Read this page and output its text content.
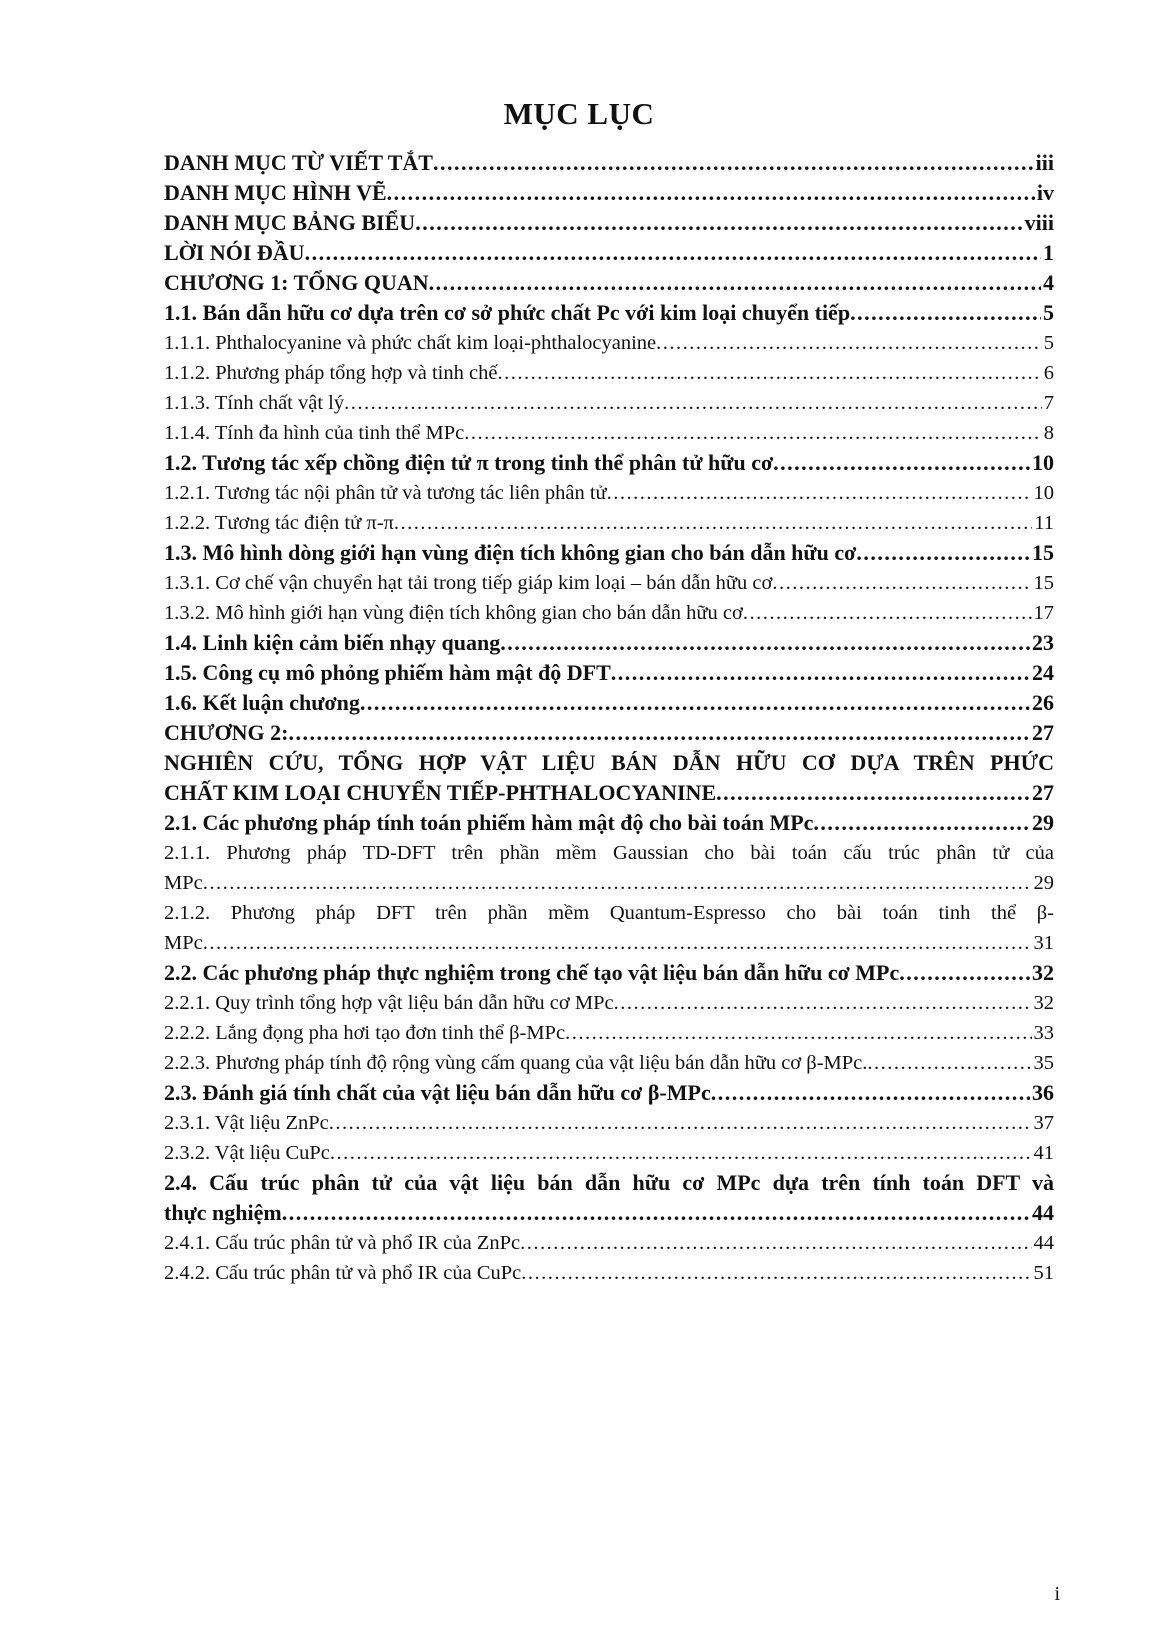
MỤC LỤC
DANH MỤC TỪ VIẾT TẮT .....	iii
DANH MỤC HÌNH VẼ .....	iv
DANH MỤC BẢNG BIỂU .....	viii
LỜI NÓI ĐẦU .....	1
CHƯƠNG 1: TỔNG QUAN .....	4
1.1. Bán dẫn hữu cơ dựa trên cơ sở phức chất Pc với kim loại chuyển tiếp .....	5
1.1.1. Phthalocyanine và phức chất kim loại-phthalocyanine .....	5
1.1.2. Phương pháp tổng hợp và tinh chế .....	6
1.1.3. Tính chất vật lý .....	7
1.1.4. Tính đa hình của tinh thể MPc .....	8
1.2. Tương tác xếp chồng điện tử π trong tinh thể phân tử hữu cơ .....	10
1.2.1. Tương tác nội phân tử và tương tác liên phân tử .....	10
1.2.2. Tương tác điện tử π-π .....	11
1.3. Mô hình dòng giới hạn vùng điện tích không gian cho bán dẫn hữu cơ .....	15
1.3.1. Cơ chế vận chuyển hạt tải trong tiếp giáp kim loại – bán dẫn hữu cơ .....	15
1.3.2. Mô hình giới hạn vùng điện tích không gian cho bán dẫn hữu cơ .....	17
1.4. Linh kiện cảm biến nhạy quang .....	23
1.5. Công cụ mô phỏng phiếm hàm mật độ DFT .....	24
1.6. Kết luận chương .....	26
CHƯƠNG 2: .....	27
NGHIÊN CỨU, TỔNG HỢP VẬT LIỆU BÁN DẪN HỮU CƠ DỰA TRÊN PHỨC
CHẤT KIM LOẠI CHUYỂN TIẾP-PHTHALOCYANINE .....	27
2.1. Các phương pháp tính toán phiếm hàm mật độ cho bài toán MPc .....	29
2.1.1. Phương pháp TD-DFT trên phần mềm Gaussian cho bài toán cấu trúc phân tử của
MPc .....	29
2.1.2. Phương pháp DFT trên phần mềm Quantum-Espresso cho bài toán tinh thể β-
MPc .....	31
2.2. Các phương pháp thực nghiệm trong chế tạo vật liệu bán dẫn hữu cơ MPc .....	32
2.2.1. Quy trình tổng hợp vật liệu bán dẫn hữu cơ MPc .....	32
2.2.2. Lắng đọng pha hơi tạo đơn tinh thể β-MPc .....	33
2.2.3. Phương pháp tính độ rộng vùng cấm quang của vật liệu bán dẫn hữu cơ β-MPc. .....	35
2.3. Đánh giá tính chất của vật liệu bán dẫn hữu cơ β-MPc .....	36
2.3.1. Vật liệu ZnPc .....	37
2.3.2. Vật liệu CuPc .....	41
2.4. Cấu trúc phân tử của vật liệu bán dẫn hữu cơ MPc dựa trên tính toán DFT và
thực nghiệm .....	44
2.4.1. Cấu trúc phân tử và phổ IR của ZnPc .....	44
2.4.2. Cấu trúc phân tử và phổ IR của CuPc .....	51
i
